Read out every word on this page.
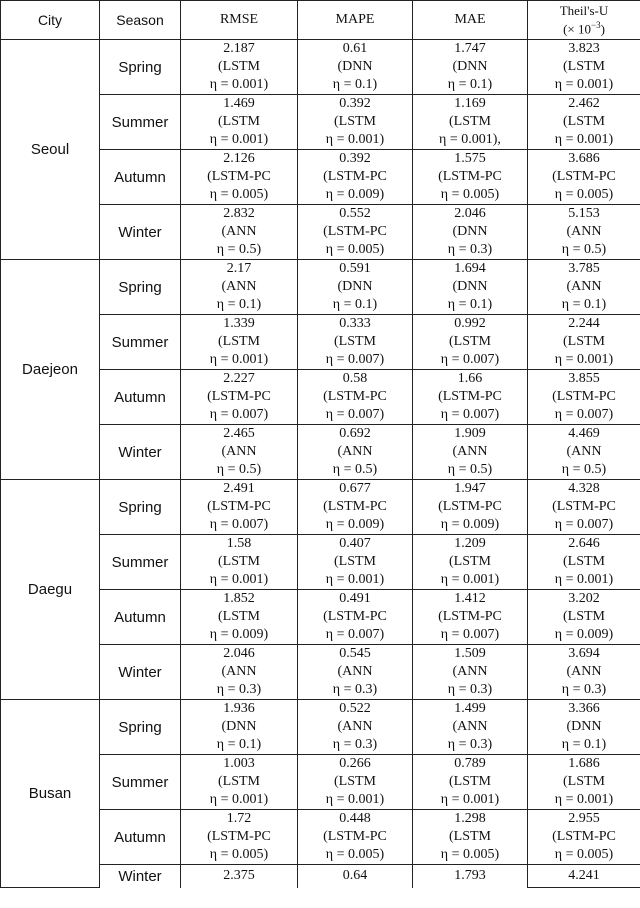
City	Season	RMSE	MAPE	MAE	Theil's-U
(× $10^{-3}$)
Seoul	Spring	2.187
(LSTM
η = 0.001)	0.61
(DNN
η = 0.1)	1.747
(DNN
η = 0.1)	3.823
(LSTM
η = 0.001)

	Summer	1.469
(LSTM
η = 0.001)	0.392
(LSTM
η = 0.001)	1.169
(LSTM
η = 0.001),	2.462
(LSTM
η = 0.001)

	Autumn	2.126
(LSTM-PC
η = 0.005)	0.392
(LSTM-PC
η = 0.009)	1.575
(LSTM-PC
η = 0.005)	3.686
(LSTM-PC
η = 0.005)

	Winter	2.832
(ANN
η = 0.5)	0.552
(LSTM-PC
η = 0.005)	2.046
(DNN
η = 0.3)	5.153
(ANN
η = 0.5)

Daejeon	Spring	2.17
(ANN
η = 0.1)	0.591
(DNN
η = 0.1)	1.694
(DNN
η = 0.1)	3.785
(ANN
η = 0.1)

	Summer	1.339
(LSTM
η = 0.001)	0.333
(LSTM
η = 0.007)	0.992
(LSTM
η = 0.007)	2.244
(LSTM
η = 0.001)

	Autumn	2.227
(LSTM-PC
η = 0.007)	0.58
(LSTM-PC
η = 0.007)	1.66
(LSTM-PC
η = 0.007)	3.855
(LSTM-PC
η = 0.007)

	Winter	2.465
(ANN
η = 0.5)	0.692
(ANN
η = 0.5)	1.909
(ANN
η = 0.5)	4.469
(ANN
η = 0.5)

Daegu	Spring	2.491
(LSTM-PC
η = 0.007)	0.677
(LSTM-PC
η = 0.009)	1.947
(LSTM-PC
η = 0.009)	4.328
(LSTM-PC
η = 0.007)

	Summer	1.58
(LSTM
η = 0.001)	0.407
(LSTM
η = 0.001)	1.209
(LSTM
η = 0.001)	2.646
(LSTM
η = 0.001)

	Autumn	1.852
(LSTM
η = 0.009)	0.491
(LSTM-PC
η = 0.007)	1.412
(LSTM-PC
η = 0.007)	3.202
(LSTM
η = 0.009)

	Winter	2.046
(ANN
η = 0.3)	0.545
(ANN
η = 0.3)	1.509
(ANN
η = 0.3)	3.694
(ANN
η = 0.3)

Busan	Spring	1.936
(DNN
η = 0.1)	0.522
(ANN
η = 0.3)	1.499
(ANN
η = 0.3)	3.366
(DNN
η = 0.1)

	Summer	1.003
(LSTM
η = 0.001)	0.266
(LSTM
η = 0.001)	0.789
(LSTM
η = 0.001)	1.686
(LSTM
η = 0.001)

	Autumn	1.72
(LSTM-PC
η = 0.005)	0.448
(LSTM-PC
η = 0.005)	1.298
(LSTM
η = 0.005)	2.955
(LSTM-PC
η = 0.005)

	Winter	2.375	0.64	1.793	4.241
